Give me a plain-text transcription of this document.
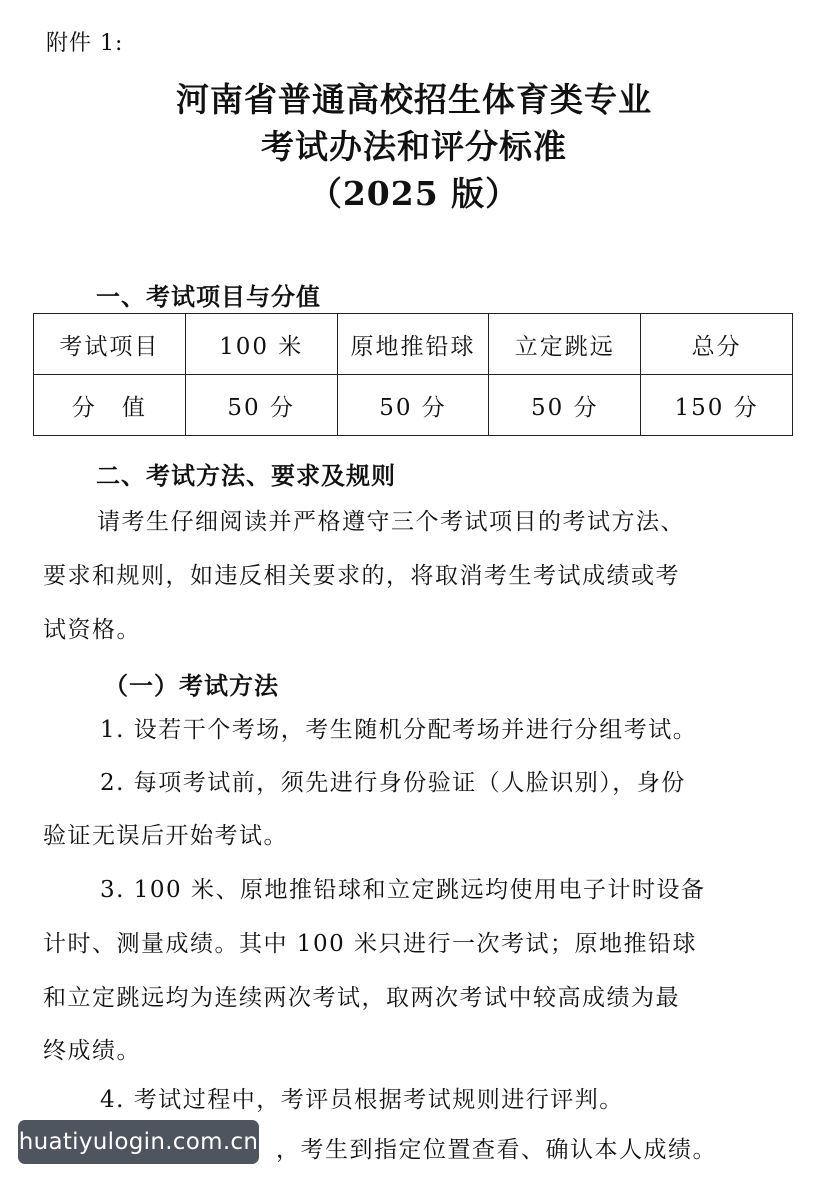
附件 1:
河南省普通高校招生体育类专业
考试办法和评分标准
（2025 版）
一、考试项目与分值
考试项目	100 米	原地推铅球	立定跳远	总分
分　值	50 分	50 分	50 分	150 分
二、考试方法、要求及规则
请考生仔细阅读并严格遵守三个考试项目的考试方法、
要求和规则，如违反相关要求的，将取消考生考试成绩或考
试资格。
（一）考试方法
1. 设若干个考场，考生随机分配考场并进行分组考试。
2. 每项考试前，须先进行身份验证（人脸识别），身份
验证无误后开始考试。
3. 100 米、原地推铅球和立定跳远均使用电子计时设备
计时、测量成绩。其中 100 米只进行一次考试；原地推铅球
和立定跳远均为连续两次考试，取两次考试中较高成绩为最
终成绩。
4. 考试过程中，考评员根据考试规则进行评判。
，考生到指定位置查看、确认本人成绩。
huatiyulogin.com.cn
